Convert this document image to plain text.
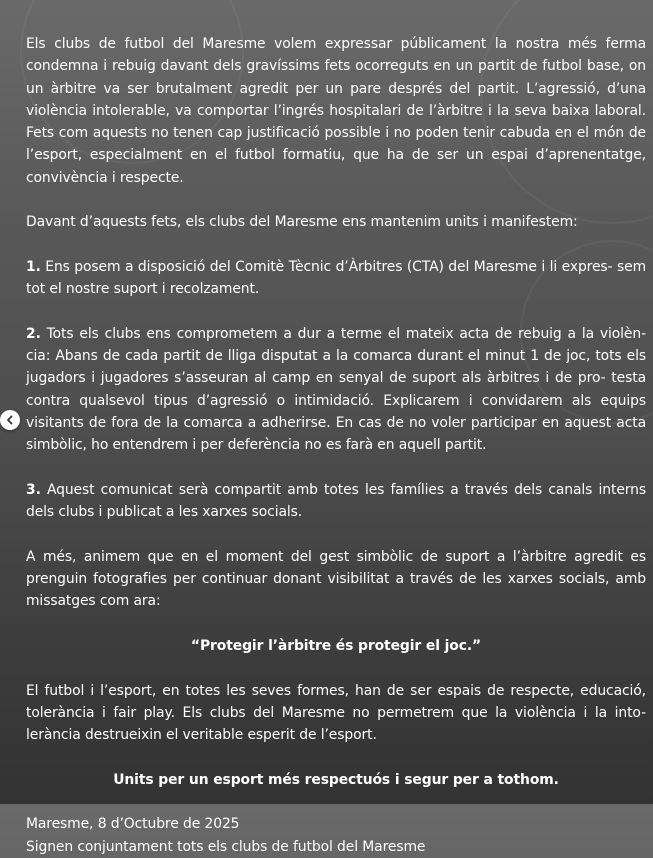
Els clubs de futbol del Maresme volem expressar públicament la nostra més ferma condemna i rebuig davant dels gravíssims fets ocorreguts en un partit de futbol base, on un àrbitre va ser brutalment agredit per un pare després del partit. L’agressió, d’una violència intolerable, va comportar l’ingrés hospitalari de l’àrbitre i la seva baixa laboral. Fets com aquests no tenen cap justificació possible i no poden tenir cabuda en el món de l’esport, especialment en el futbol formatiu, que ha de ser un espai d’aprenentatge, convivència i respecte.

Davant d’aquests fets, els clubs del Maresme ens mantenim units i manifestem:

1. Ens posem a disposició del Comitè Tècnic d’Àrbitres (CTA) del Maresme i li expres- sem tot el nostre suport i recolzament.

2. Tots els clubs ens comprometem a dur a terme el mateix acta de rebuig a la violèn- cia: Abans de cada partit de lliga disputat a la comarca durant el minut 1 de joc, tots els jugadors i jugadores s’asseuran al camp en senyal de suport als àrbitres i de pro- testa contra qualsevol tipus d’agressió o intimidació. Explicarem i convidarem als equips visitants de fora de la comarca a adherirse. En cas de no voler participar en aquest acta simbòlic, ho entendrem i per deferència no es farà en aquell partit.

3. Aquest comunicat serà compartit amb totes les famílies a través dels canals interns dels clubs i publicat a les xarxes socials.

A més, animem que en el moment del gest simbòlic de suport a l’àrbitre agredit es prenguin fotografies per continuar donant visibilitat a través de les xarxes socials, amb missatges com ara:

“Protegir l’àrbitre és protegir el joc.”

El futbol i l’esport, en totes les seves formes, han de ser espais de respecte, educació, tolerància i fair play. Els clubs del Maresme no permetrem que la violència i la into- lerància destrueixin el veritable esperit de l’esport.

Units per un esport més respectuós i segur per a tothom.

Maresme, 8 d’Octubre de 2025

Signen conjuntament tots els clubs de futbol del Maresme
